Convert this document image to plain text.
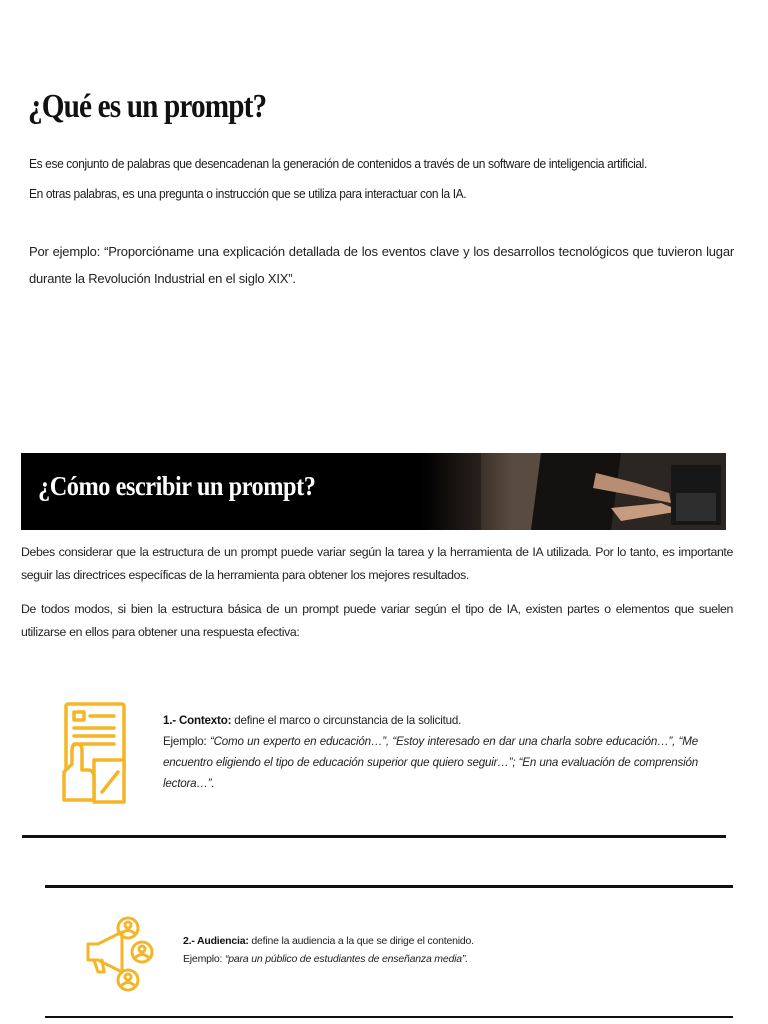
¿Qué es un prompt?

Es ese conjunto de palabras que desencadenan la generación de contenidos a través de un software de inteligencia artificial.

En otras palabras, es una pregunta o instrucción que se utiliza para interactuar con la IA.

Por ejemplo: “Proporcióname una explicación detallada de los eventos clave y los desarrollos tecnológicos que tuvieron lugar durante la Revolución Industrial en el siglo XIX”.

¿Cómo escribir un prompt?

Debes considerar que la estructura de un prompt puede variar según la tarea y la herramienta de IA utilizada. Por lo tanto, es importante seguir las directrices específicas de la herramienta para obtener los mejores resultados.

De todos modos, si bien la estructura básica de un prompt puede variar según el tipo de IA, existen partes o elementos que suelen utilizarse en ellos para obtener una respuesta efectiva:

1.- Contexto: define el marco o circunstancia de la solicitud.

Ejemplo: “Como un experto en educación…”, “Estoy interesado en dar una charla sobre educación…”, “Me encuentro eligiendo el tipo de educación superior que quiero seguir…”; “En una evaluación de comprensión lectora…”.

2.- Audiencia: define la audiencia a la que se dirige el contenido.

Ejemplo: “para un público de estudiantes de enseñanza media”.
